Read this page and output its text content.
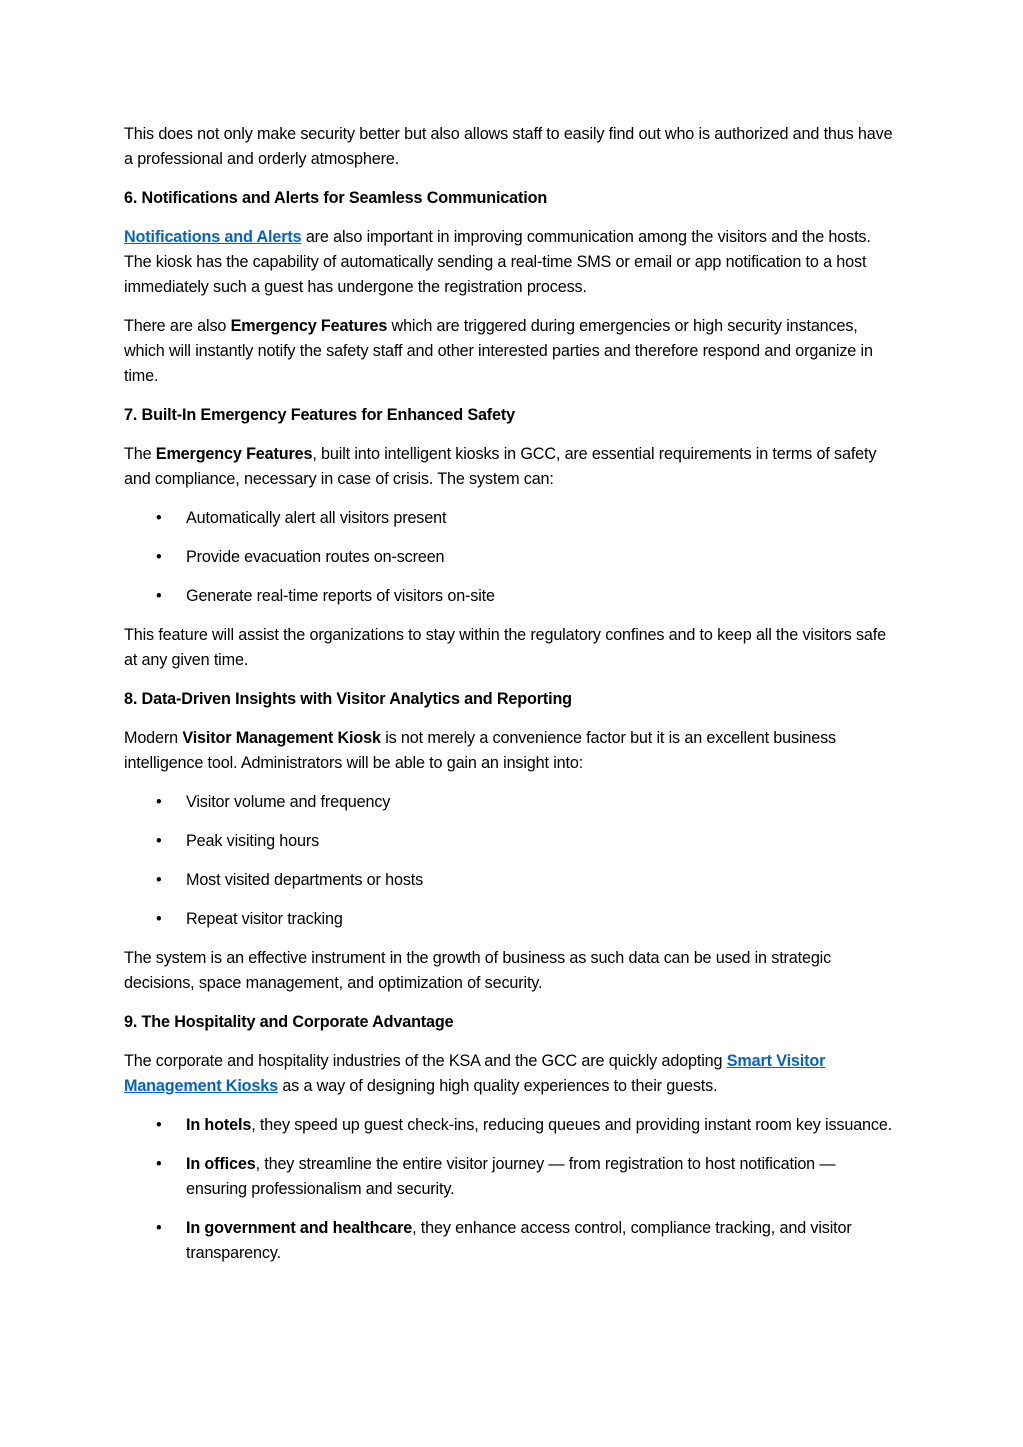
This does not only make security better but also allows staff to easily find out who is authorized and thus have a professional and orderly atmosphere.

6. Notifications and Alerts for Seamless Communication

Notifications and Alerts are also important in improving communication among the visitors and the hosts. The kiosk has the capability of automatically sending a real-time SMS or email or app notification to a host immediately such a guest has undergone the registration process.

There are also Emergency Features which are triggered during emergencies or high security instances, which will instantly notify the safety staff and other interested parties and therefore respond and organize in time.

7. Built-In Emergency Features for Enhanced Safety

The Emergency Features, built into intelligent kiosks in GCC, are essential requirements in terms of safety and compliance, necessary in case of crisis. The system can:

• Automatically alert all visitors present
• Provide evacuation routes on-screen
• Generate real-time reports of visitors on-site

This feature will assist the organizations to stay within the regulatory confines and to keep all the visitors safe at any given time.

8. Data-Driven Insights with Visitor Analytics and Reporting

Modern Visitor Management Kiosk is not merely a convenience factor but it is an excellent business intelligence tool. Administrators will be able to gain an insight into:

• Visitor volume and frequency
• Peak visiting hours
• Most visited departments or hosts
• Repeat visitor tracking

The system is an effective instrument in the growth of business as such data can be used in strategic decisions, space management, and optimization of security.

9. The Hospitality and Corporate Advantage

The corporate and hospitality industries of the KSA and the GCC are quickly adopting Smart Visitor Management Kiosks as a way of designing high quality experiences to their guests.

• In hotels, they speed up guest check-ins, reducing queues and providing instant room key issuance.
• In offices, they streamline the entire visitor journey — from registration to host notification — ensuring professionalism and security.
• In government and healthcare, they enhance access control, compliance tracking, and visitor transparency.
